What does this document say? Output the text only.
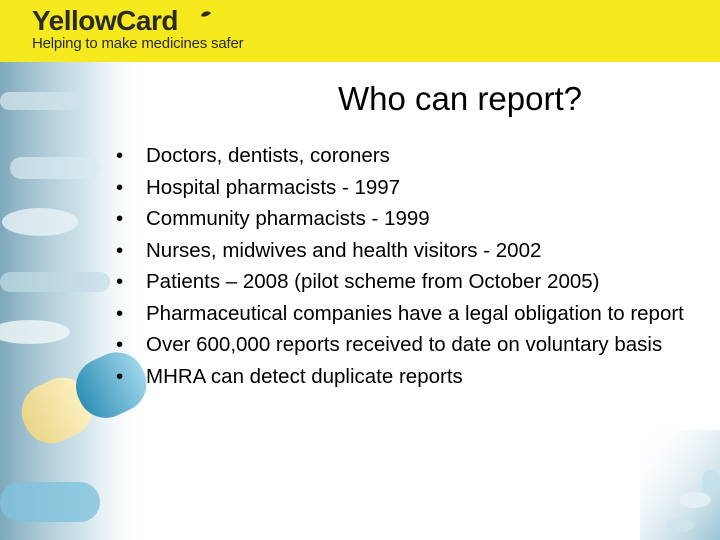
YellowCard
Helping to make medicines safer
Who can report?
• Doctors, dentists, coroners
• Hospital pharmacists - 1997
• Community pharmacists - 1999
• Nurses, midwives and health visitors - 2002
• Patients – 2008 (pilot scheme from October 2005)
• Pharmaceutical companies have a legal obligation to report
• Over 600,000 reports received to date on voluntary basis
• MHRA can detect duplicate reports
